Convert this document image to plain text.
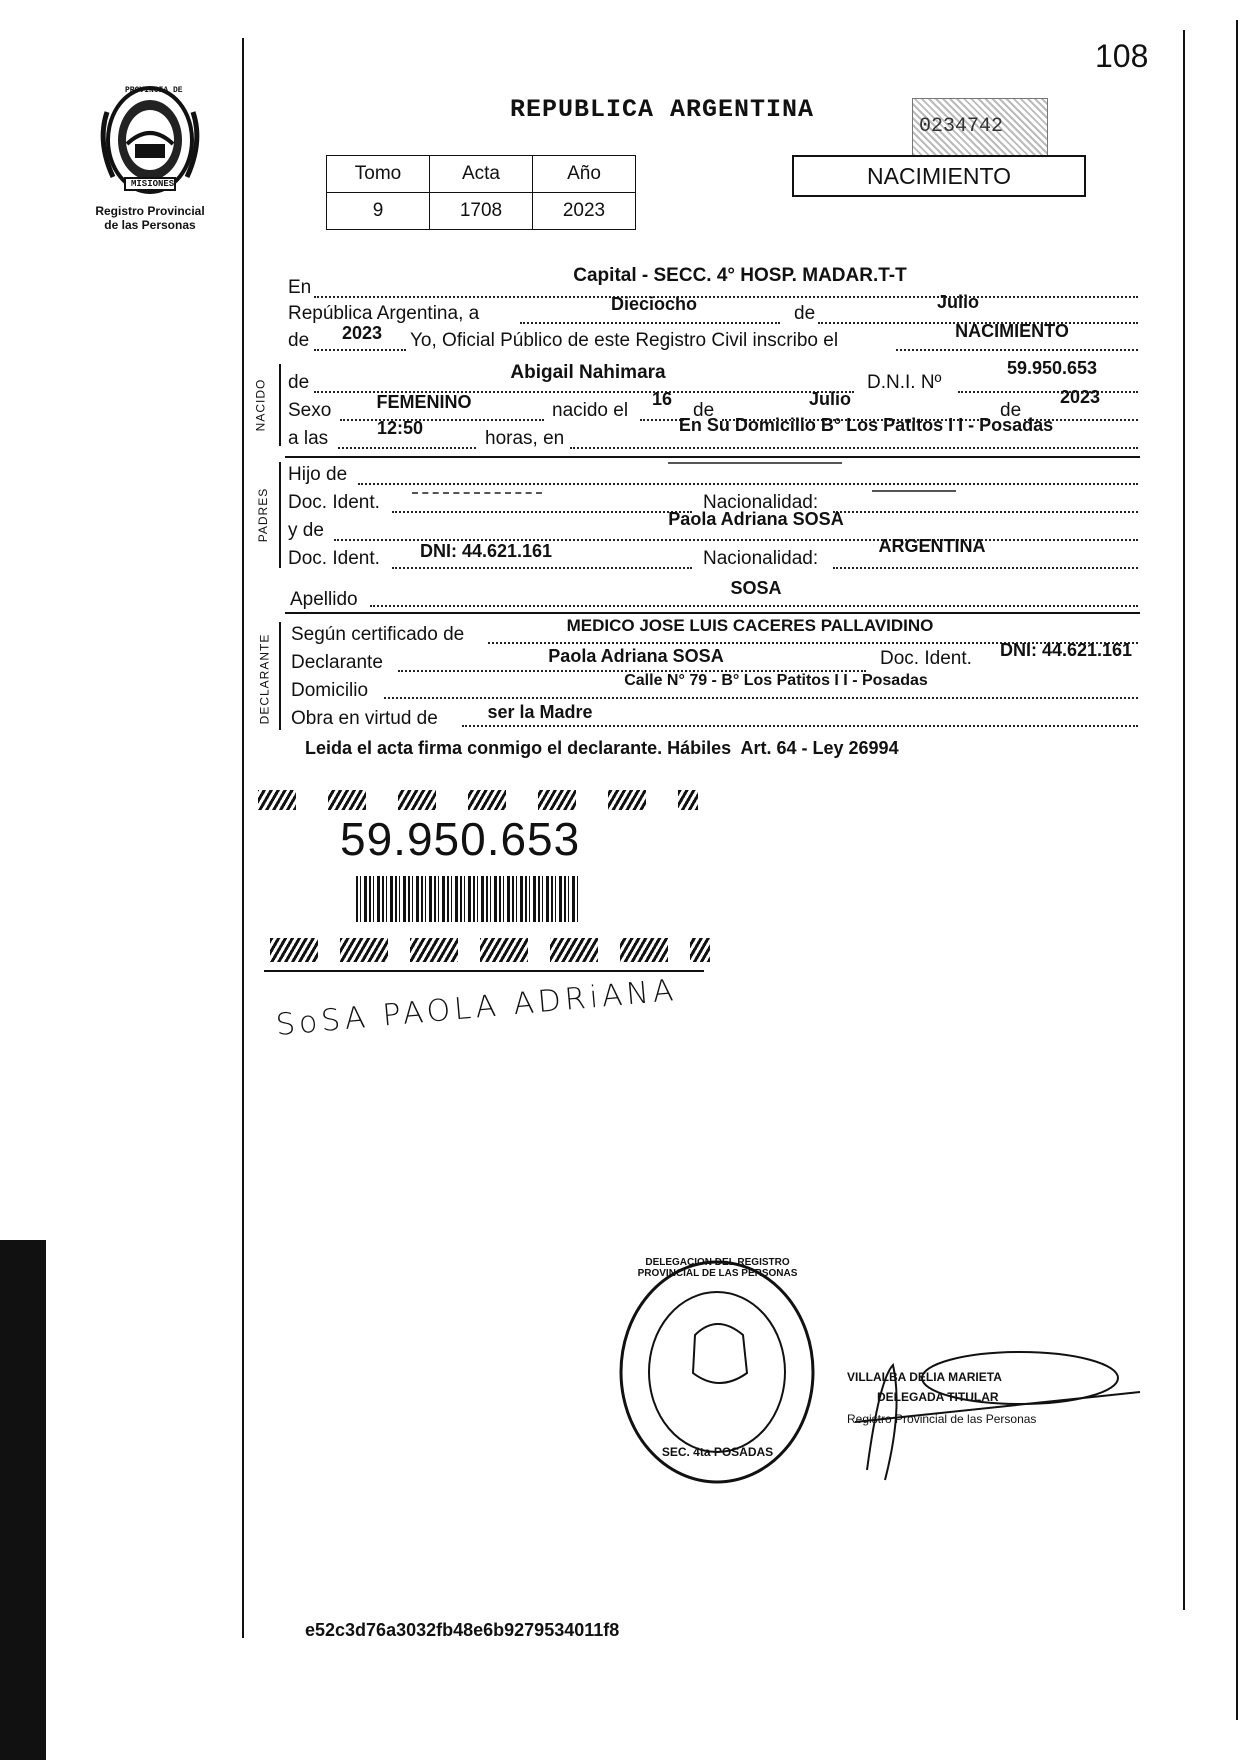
108
PROVINCIA DE
MISIONES
Registro Provincial
de las Personas
REPUBLICA ARGENTINA
0234742
Tomo	Acta	Año
9	1708	2023
NACIMIENTO
En
Capital - SECC. 4° HOSP. MADAR.T-T
República Argentina, a	Dieciocho	de
Julio
de 2023 Yo, Oficial Público de este Registro Civil inscribo el	NACIMIENTO
NACIDO de	Abigail Nahimara	D.N.I. Nº
59.950.653
Sexo	FEMENINO	nacido el
16
de
Julio
de
2023
a las	12:50	horas, en
En Su Domicilio B° Los Patitos I I - Posadas
PADRES
Hijo de
Doc. Ident.	Nacionalidad:
y de
Paola Adriana SOSA
Doc. Ident. DNI: 44.621.161	Nacionalidad:
ARGENTINA
Apellido
SOSA
DECLARANTE Según certificado de	MEDICO JOSE LUIS CACERES PALLAVIDINO
Declarante	Paola Adriana SOSA	Doc. Ident. DNI: 44.621.161
Domicilio	Calle N° 79 - B° Los Patitos I I - Posadas
Obra en virtud de	ser la Madre
Leida el acta firma conmigo el declarante. Hábiles  Art. 64 - Ley 26994
59.950.653
SoSA PAOLA ADRiANA
DELEGACION DEL REGISTRO PROVINCIAL DE LAS PERSONAS
SEC. 4ta POSADAS
VILLALBA DELIA MARIETA
DELEGADA TITULAR
Registro Provincial de las Personas
e52c3d76a3032fb48e6b9279534011f8
